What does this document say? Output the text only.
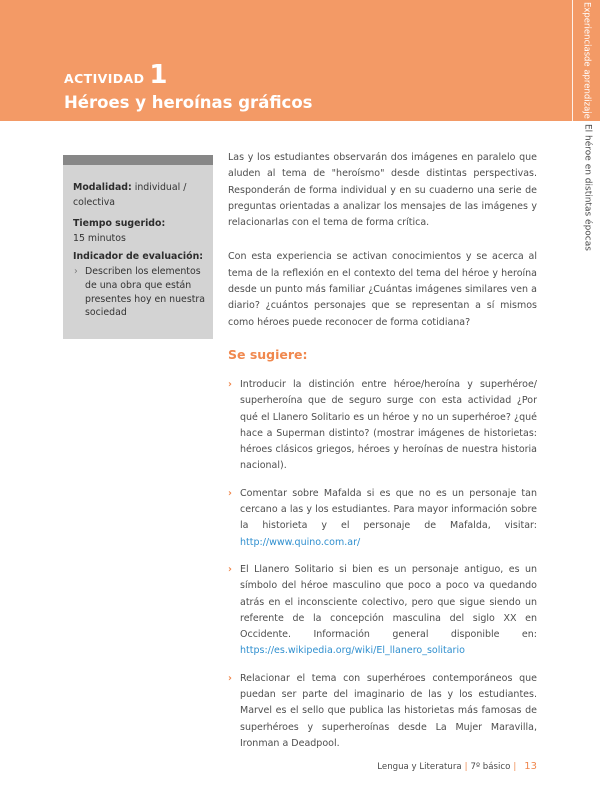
ACTIVIDAD 1
Héroes y heroínas gráficos
Experiencias
de aprendizaje
El héroe en distintas épocas

Modalidad: individual / colectiva

Tiempo sugerido:

15 minutos

Indicador de evaluación:

› Describen los elementos de una obra que están presentes hoy en nuestra sociedad

Las y los estudiantes observarán dos imágenes en paralelo que aluden al tema de "heroísmo" desde distintas perspectivas. Responderán de forma individual y en su cuaderno una serie de preguntas orientadas a analizar los mensajes de las imágenes y relacionarlas con el tema de forma crítica.

Con esta experiencia se activan conocimientos y se acerca al tema de la reflexión en el contexto del tema del héroe y heroína desde un punto más familiar ¿Cuántas imágenes similares ven a diario? ¿cuántos personajes que se representan a sí mismos como héroes puede reconocer de forma cotidiana?

Se sugiere:
› Introducir la distinción entre héroe/heroína y superhéroe/ superheroína que de seguro surge con esta actividad ¿Por qué el Llanero Solitario es un héroe y no un superhéroe? ¿qué hace a Superman distinto? (mostrar imágenes de historietas: héroes clásicos griegos, héroes y heroínas de nuestra historia nacional).
› Comentar sobre Mafalda si es que no es un personaje tan cercano a las y los estudiantes. Para mayor información sobre la historieta y el personaje de Mafalda, visitar: http://www.quino.com.ar/
› El Llanero Solitario si bien es un personaje antiguo, es un símbolo del héroe masculino que poco a poco va quedando atrás en el inconsciente colectivo, pero que sigue siendo un referente de la concepción masculina del siglo XX en Occidente. Información general disponible en: https://es.wikipedia.org/wiki/El_llanero_solitario
› Relacionar el tema con superhéroes contemporáneos que puedan ser parte del imaginario de las y los estudiantes. Marvel es el sello que publica las historietas más famosas de superhéroes y superheroínas desde La Mujer Maravilla, Ironman a Deadpool.
Lengua y Literatura | 7º básico | 13
